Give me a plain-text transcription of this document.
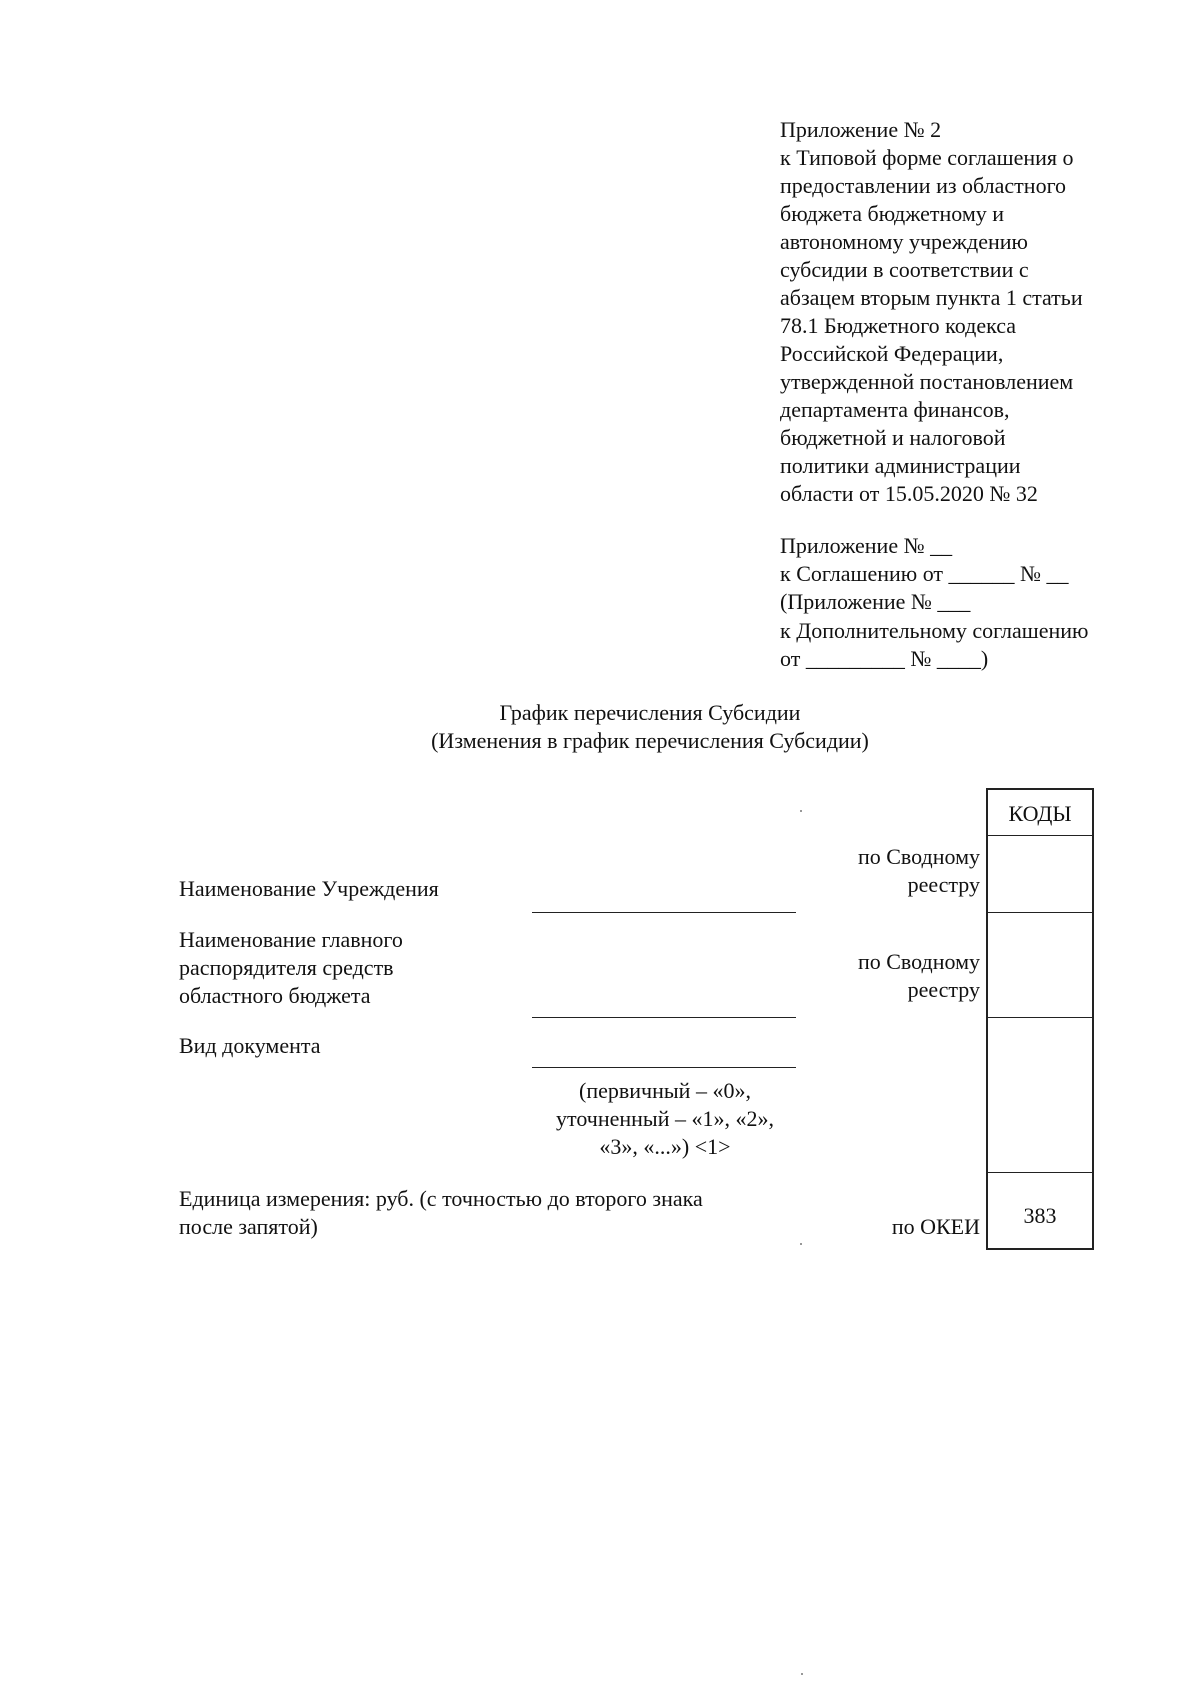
Приложение № 2
к Типовой форме соглашения о
предоставлении из областного
бюджета бюджетному и
автономному учреждению
субсидии в соответствии с
абзацем вторым пункта 1 статьи
78.1 Бюджетного кодекса
Российской Федерации,
утвержденной постановлением
департамента финансов,
бюджетной и налоговой
политики администрации
области от 15.05.2020 № 32
Приложение № __
к Соглашению от ______ № __
(Приложение № ___
к Дополнительному соглашению
от _________ № ____)
График перечисления Субсидии
(Изменения в график перечисления Субсидии)
Наименование Учреждения
Наименование главного
распорядителя средств
областного бюджета
Вид документа
(первичный – «0»,
уточненный – «1», «2»,
«3», «...») <1>
Единица измерения: руб. (с точностью до второго знака
после запятой)
по Сводному
реестру
по Сводному
реестру
по ОКЕИ
КОДЫ
383
